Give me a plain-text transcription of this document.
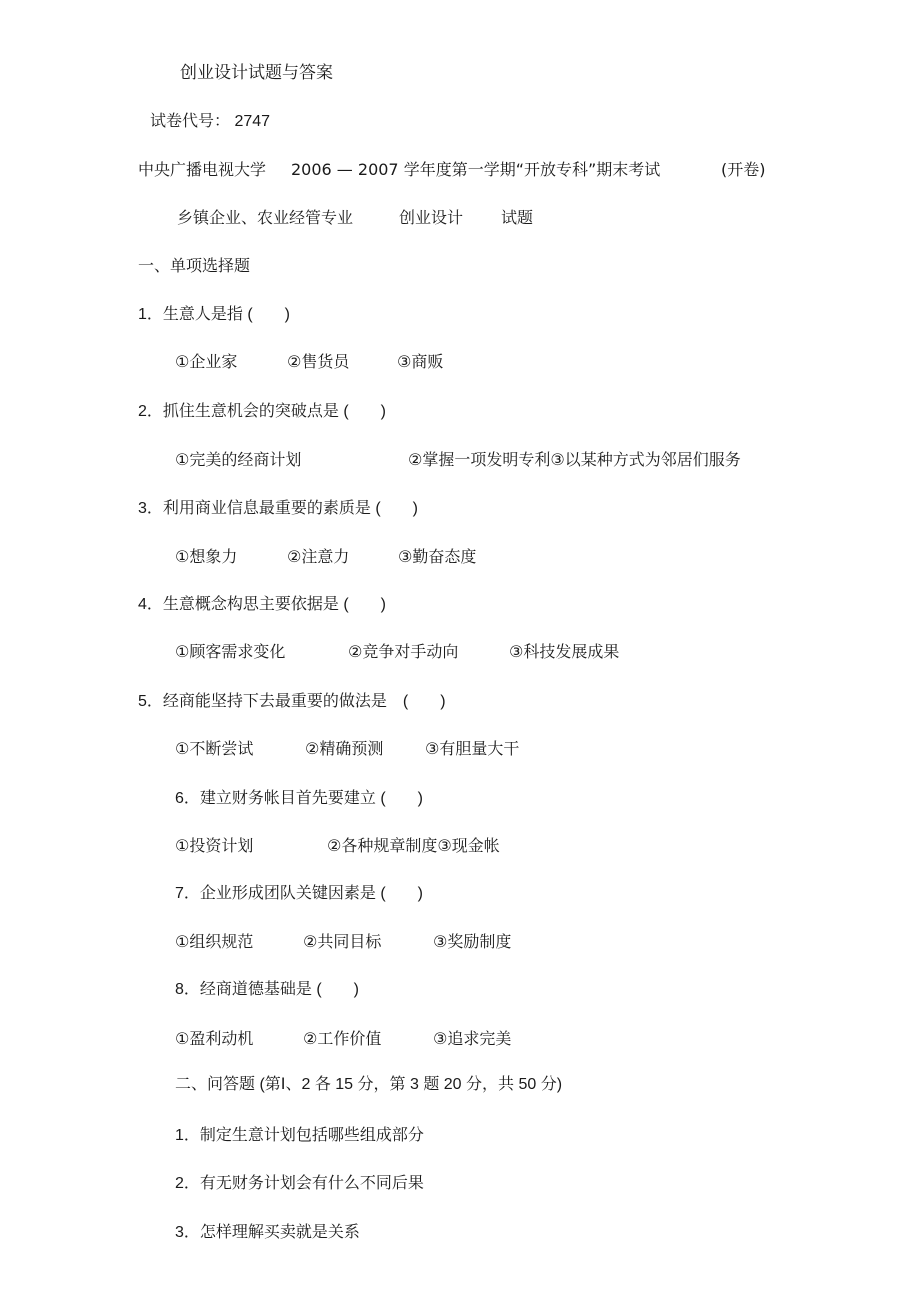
创业设计试题与答案
试卷代号： 2747
中央广播电视大学 2006 — 2007 学年度第一学期“开放专科”期末考试	(开卷)
乡镇企业、农业经管专业	创业设计 试题
一、单项选择题
1．生意人是指 (　　)
①企业家	②售货员	③商贩
2．抓住生意机会的突破点是 (　　)
①完美的经商计划	②掌握一项发明专利③以某种方式为邻居们服务
3．利用商业信息最重要的素质是 (　　)
①想象力	②注意力	③勤奋态度
4．生意概念构思主要依据是 (　　)
①顾客需求变化	②竞争对手动向	③科技发展成果
5．经商能坚持下去最重要的做法是　(　　)
①不断尝试	②精确预测	③有胆量大干
6．建立财务帐目首先要建立 (　　)
①投资计划	②各种规章制度③现金帐
7．企业形成团队关键因素是 (　　)
①组织规范	②共同目标	③奖励制度
8．经商道德基础是 (　　)
①盈利动机	②工作价值	③追求完美
二、问答题 (第Ⅰ、2 各 15 分，第 3 题 20 分，共 50 分)
1．制定生意计划包括哪些组成部分
2．有无财务计划会有什么不同后果
3．怎样理解买卖就是关系
